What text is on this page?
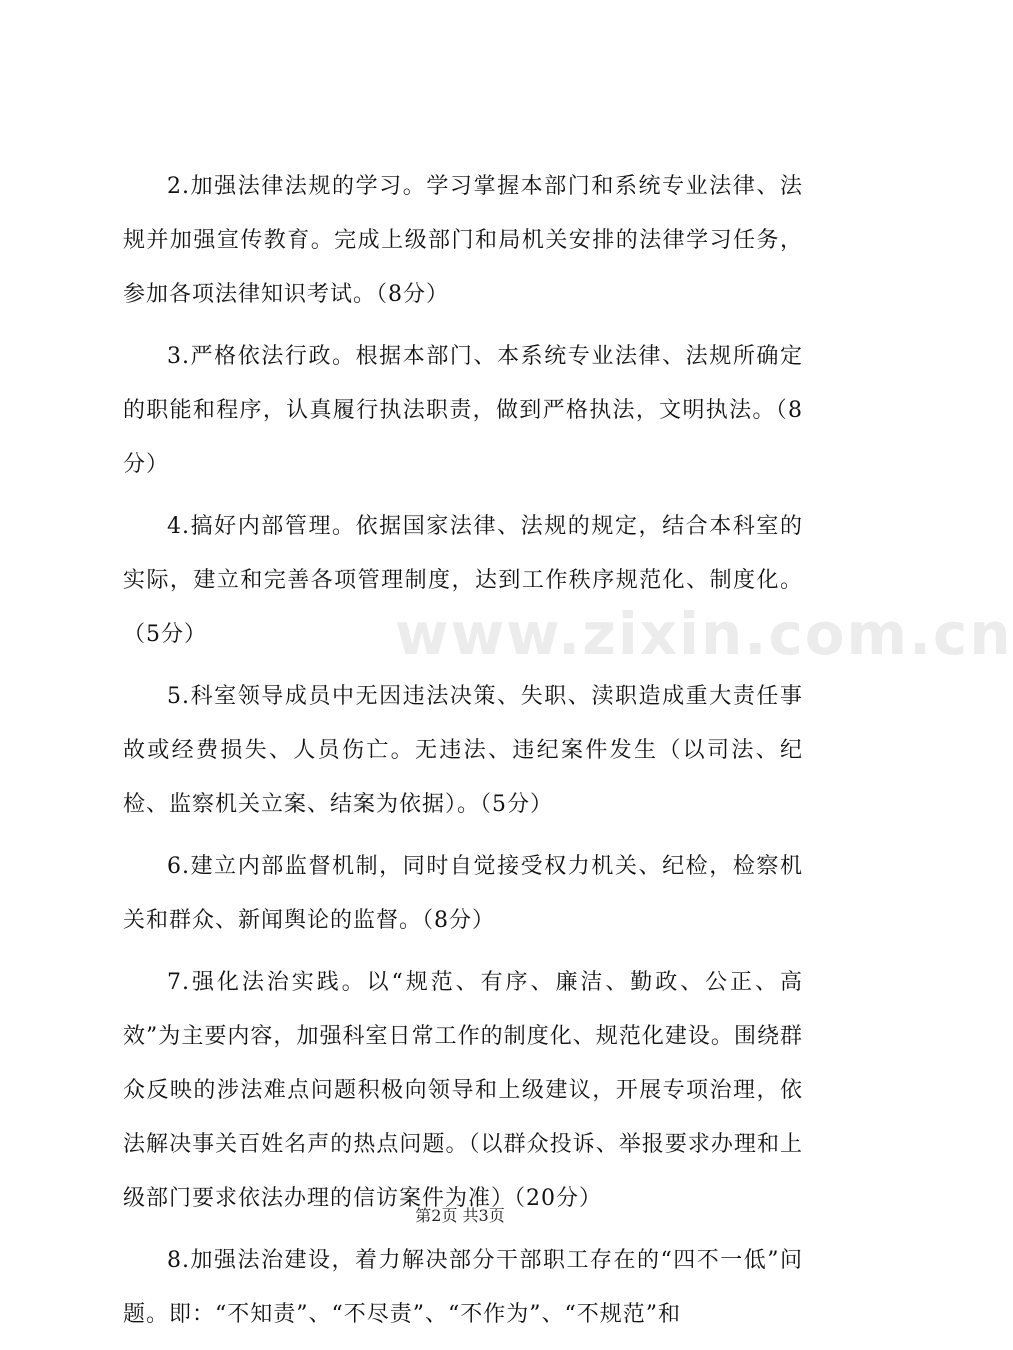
2.加强法律法规的学习。学习掌握本部门和系统专业法律、法规并加强宣传教育。完成上级部门和局机关安排的法律学习任务，参加各项法律知识考试。（8分）

3.严格依法行政。根据本部门、本系统专业法律、法规所确定的职能和程序，认真履行执法职责，做到严格执法，文明执法。（8分）

4.搞好内部管理。依据国家法律、法规的规定，结合本科室的实际，建立和完善各项管理制度，达到工作秩序规范化、制度化。（5分）

5.科室领导成员中无因违法决策、失职、渎职造成重大责任事故或经费损失、人员伤亡。无违法、违纪案件发生（以司法、纪检、监察机关立案、结案为依据）。（5分）

6.建立内部监督机制，同时自觉接受权力机关、纪检，检察机关和群众、新闻舆论的监督。（8分）

7.强化法治实践。以“规范、有序、廉洁、勤政、公正、高效”为主要内容，加强科室日常工作的制度化、规范化建设。围绕群众反映的涉法难点问题积极向领导和上级建议，开展专项治理，依法解决事关百姓名声的热点问题。（以群众投诉、举报要求办理和上级部门要求依法办理的信访案件为准）（20分）

8.加强法治建设，着力解决部分干部职工存在的“四不一低”问题。即：“不知责”、“不尽责”、“不作为”、“不规范”和

www.zixin.com.cn
第2页 共3页
